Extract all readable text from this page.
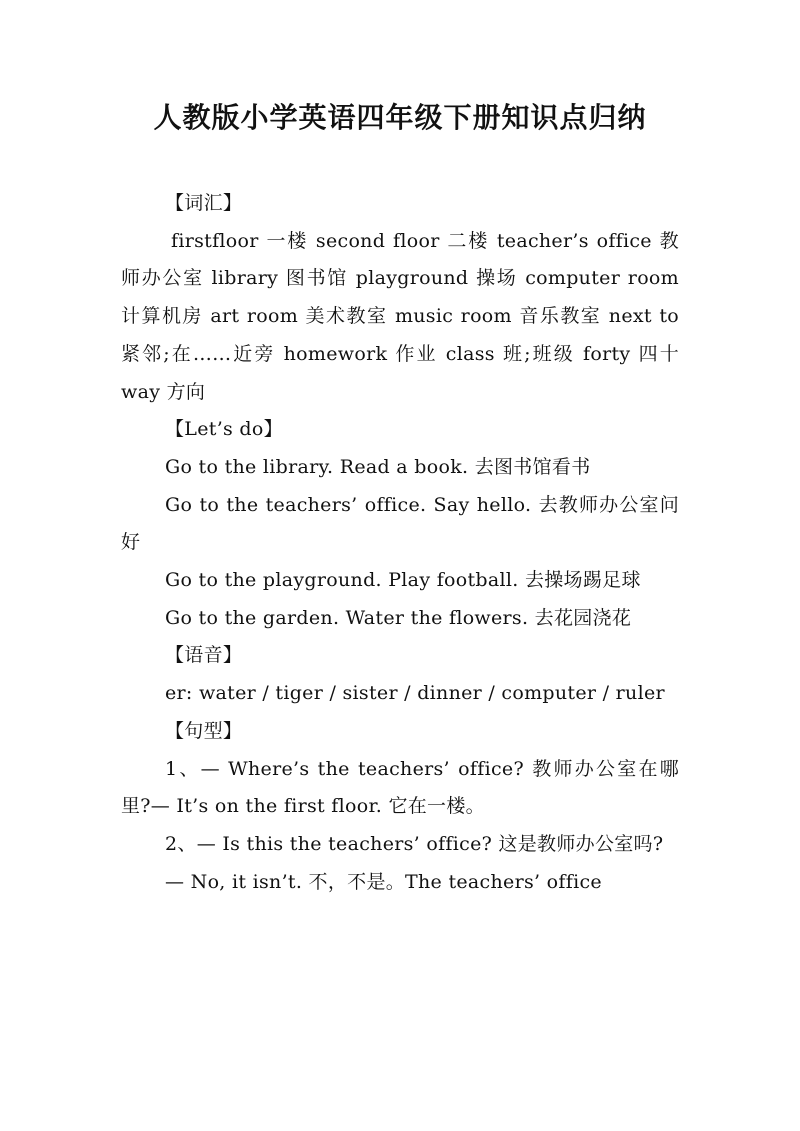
人教版小学英语四年级下册知识点归纳

【词汇】

firstfloor 一楼 second floor 二楼 teacher’s office 教师办公室 library 图书馆 playground 操场 computer room 计算机房 art room 美术教室 music room 音乐教室 next to 紧邻;在……近旁 homework 作业 class 班;班级 forty 四十 way 方向

【Let’s do】

Go to the library. Read a book. 去图书馆看书

Go to the teachers’ office. Say hello. 去教师办公室问好

Go to the playground. Play football. 去操场踢足球

Go to the garden. Water the flowers. 去花园浇花

【语音】

er: water / tiger / sister / dinner / computer / ruler

【句型】

1、— Where’s the teachers’ office? 教师办公室在哪里?— It’s on the first floor. 它在一楼。

2、— Is this the teachers’ office? 这是教师办公室吗?

— No, it isn’t. 不，不是。The teachers’ office
